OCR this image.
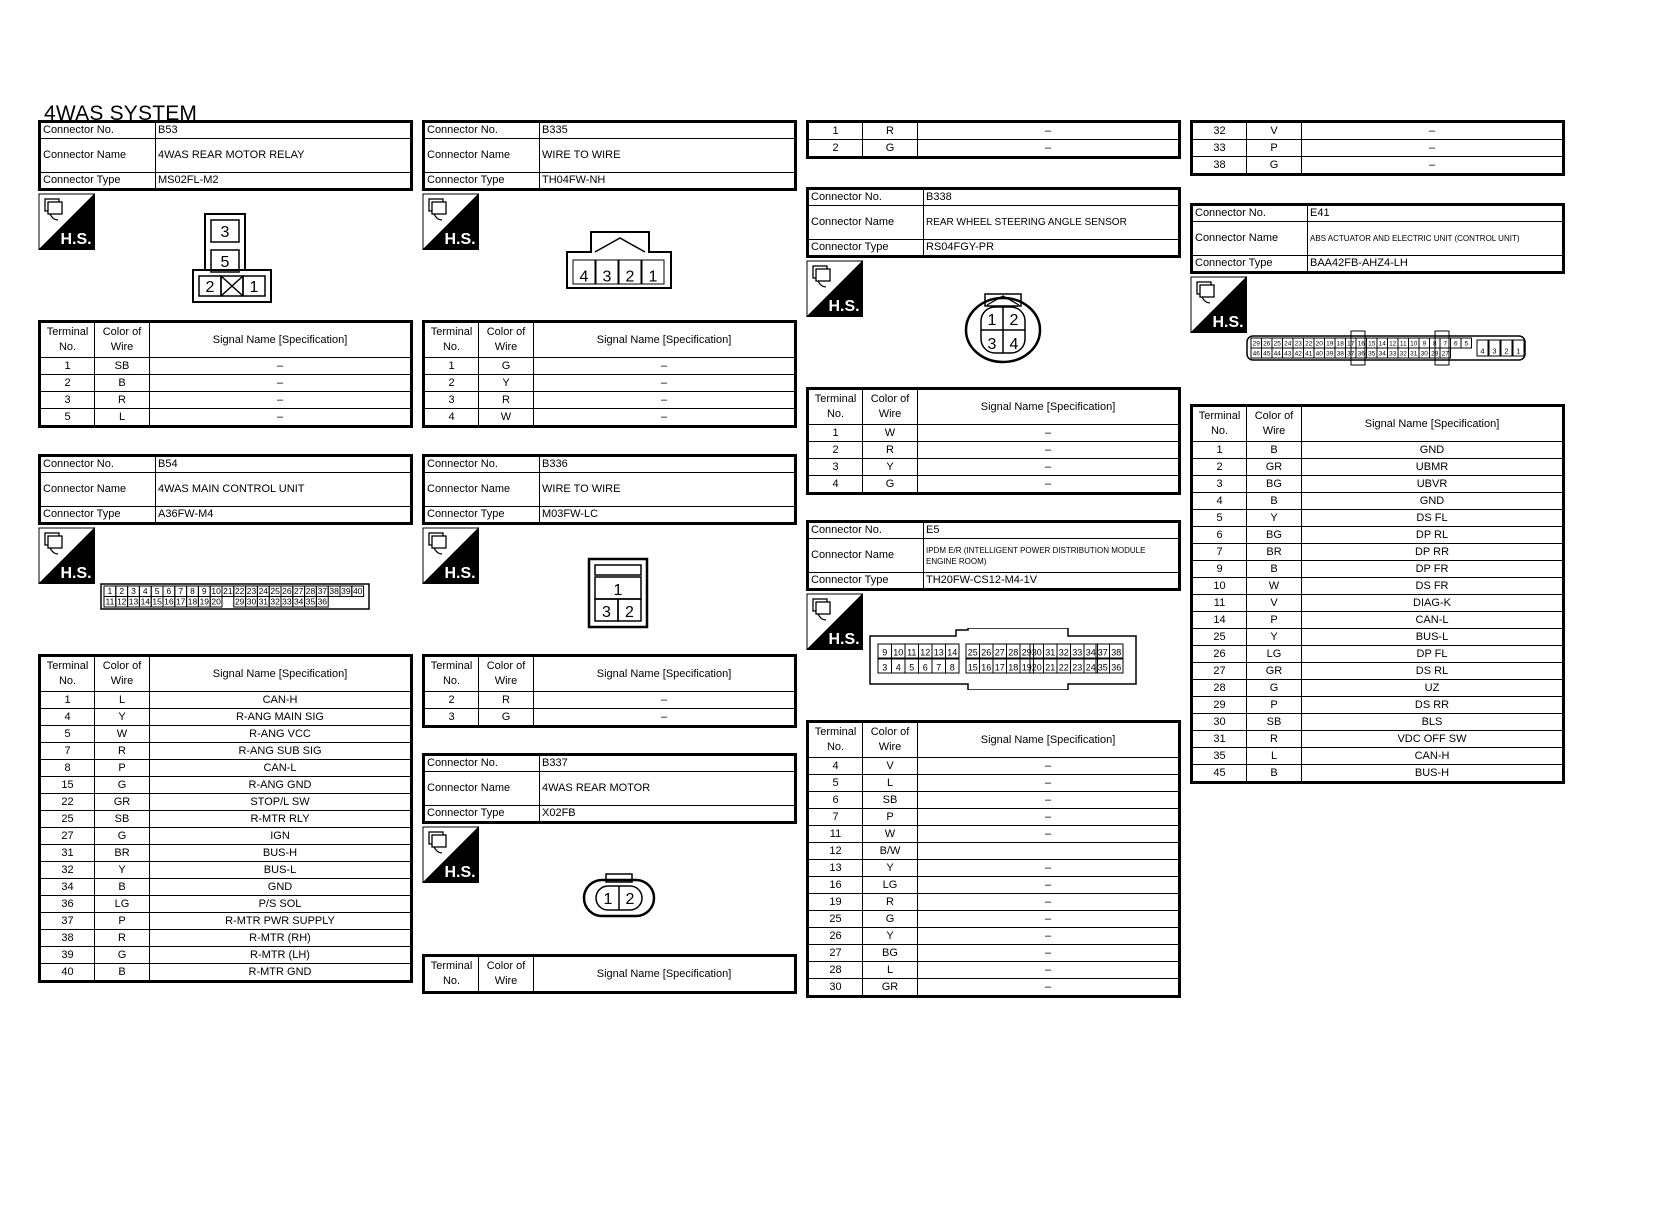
4WAS SYSTEM
Connector No.	B53
Connector Name	4WAS REAR MOTOR RELAY
Connector Type	MS02FL-M2
H.S.	3
5
2 1
Terminal No.	Color of Wire	Signal Name [Specification]
1	SB	–
2	B	–
3	R	–
5	L	–
Connector No.	B54
Connector Name	4WAS MAIN CONTROL UNIT
Connector Type	A36FW-M4
H.S.
1 2 3 4 5 6 7 8 9 10 21 22 23 24 25 26 27 28 37 38 39 40
11 12 13 14 15 16 17 18 19 20 29 30 31 32 33 34 35 36
Terminal No.	Color of Wire	Signal Name [Specification]
1	L	CAN-H
4	Y	R-ANG MAIN SIG
5	W	R-ANG VCC
7	R	R-ANG SUB SIG
8	P	CAN-L
15	G	R-ANG GND
22	GR	STOP/L SW
25	SB	R-MTR RLY
27	G	IGN
31	BR	BUS-H
32	Y	BUS-L
34	B	GND
36	LG	P/S SOL
37	P	R-MTR PWR SUPPLY
38	R	R-MTR (RH)
39	G	R-MTR (LH)
40	B	R-MTR GND
Connector No.	B335
Connector Name	WIRE TO WIRE
Connector Type	TH04FW-NH
H.S.
4 3 2 1
Terminal No.	Color of Wire	Signal Name [Specification]
1	G	–
2	Y	–
3	R	–
4	W	–
Connector No.	B336
Connector Name	WIRE TO WIRE
Connector Type	M03FW-LC
H.S.
1
3 2
Terminal No.	Color of Wire	Signal Name [Specification]
2	R	–
3	G	–
Connector No.	B337
Connector Name	4WAS REAR MOTOR
Connector Type	X02FB
H.S.
1 2
Terminal No.	Color of Wire	Signal Name [Specification]
1	R	–
2	G	–
Connector No.	B338
Connector Name	REAR WHEEL STEERING ANGLE SENSOR
Connector Type	RS04FGY-PR
H.S.
1 2
3 4
Terminal No.	Color of Wire	Signal Name [Specification]
1	W	–
2	R	–
3	Y	–
4	G	–
Connector No.	E5
Connector Name	IPDM E/R (INTELLIGENT POWER DISTRIBUTION MODULE ENGINE ROOM)
Connector Type	TH20FW-CS12-M4-1V
H.S.
9 10 11 12 13 14 25 26 27 28 29 30 31 32 33 34 37 38
3 4 5 6 7 8 15 16 17 18 19 20 21 22 23 24 35 36
Terminal No.	Color of Wire	Signal Name [Specification]
4	V	–
5	L	–
6	SB	–
7	P	–
11	W	–
12	B/W	
13	Y	–
16	LG	–
19	R	–
25	G	–
26	Y	–
27	BG	–
28	L	–
30	GR	–
32	V	–
33	P	–
38	G	–
Connector No.	E41
Connector Name	ABS ACTUATOR AND ELECTRIC UNIT (CONTROL UNIT)
Connector Type	BAA42FB-AHZ4-LH
H.S.
29 26 25 24 23 22 20 19 18 17 16 15 14 12 11 10 9 8 7 6 5
46 45 44 43 42 41 40 39 38 37 36 35 34 33 32 31 30 28 27	4 3 2 1
Terminal No.	Color of Wire	Signal Name [Specification]
1	B	GND
2	GR	UBMR
3	BG	UBVR
4	B	GND
5	Y	DS FL
6	BG	DP RL
7	BR	DP RR
9	B	DP FR
10	W	DS FR
11	V	DIAG-K
14	P	CAN-L
25	Y	BUS-L
26	LG	DP FL
27	GR	DS RL
28	G	UZ
29	P	DS RR
30	SB	BLS
31	R	VDC OFF SW
35	L	CAN-H
45	B	BUS-H
